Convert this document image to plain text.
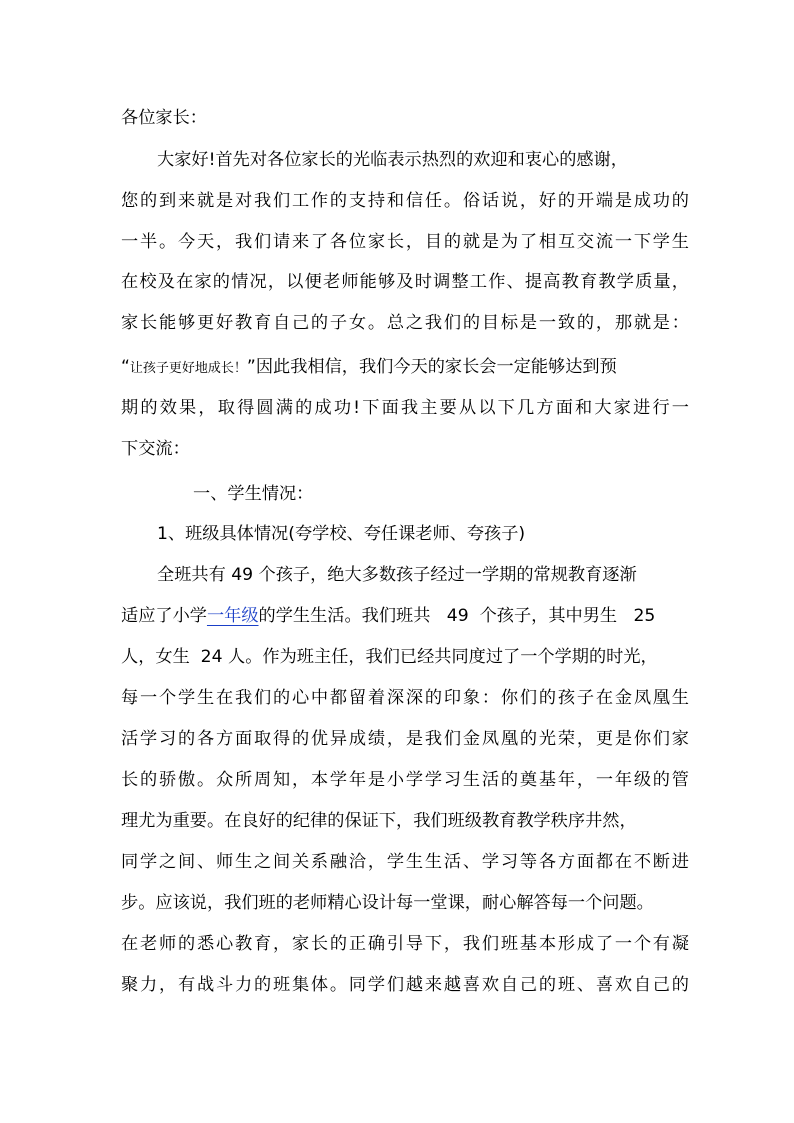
各位家长：
大家好!首先对各位家长的光临表示热烈的欢迎和衷心的感谢，
您的到来就是对我们工作的支持和信任。俗话说，好的开端是成功的
一半。今天，我们请来了各位家长，目的就是为了相互交流一下学生
在校及在家的情况，以便老师能够及时调整工作、提高教育教学质量，
家长能够更好教育自己的子女。总之我们的目标是一致的，那就是：
“让孩子更好地成长！”因此我相信，我们今天的家长会一定能够达到预
期的效果，取得圆满的成功!下面我主要从以下几方面和大家进行一
下交流：
一、学生情况：
1、班级具体情况(夸学校、夸任课老师、夸孩子)
全班共有 49 个孩子，绝大多数孩子经过一学期的常规教育逐渐
适应了小学一年级的学生生活。我们班共   49  个孩子，其中男生   25
人，女生  24 人。作为班主任，我们已经共同度过了一个学期的时光，
每一个学生在我们的心中都留着深深的印象：你们的孩子在金凤凰生
活学习的各方面取得的优异成绩，是我们金凤凰的光荣，更是你们家
长的骄傲。众所周知，本学年是小学学习生活的奠基年，一年级的管
理尤为重要。在良好的纪律的保证下，我们班级教育教学秩序井然，
同学之间、师生之间关系融洽，学生生活、学习等各方面都在不断进
步。应该说，我们班的老师精心设计每一堂课，耐心解答每一个问题。
在老师的悉心教育，家长的正确引导下，我们班基本形成了一个有凝
聚力，有战斗力的班集体。同学们越来越喜欢自己的班、喜欢自己的
